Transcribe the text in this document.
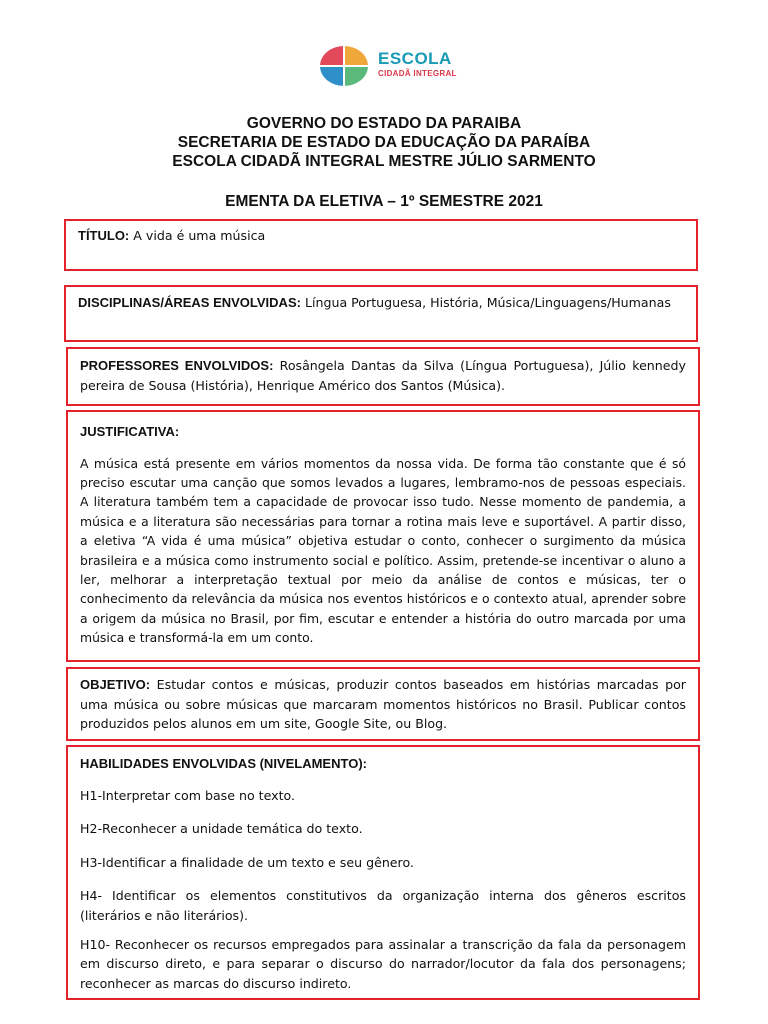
ESCOLA
CIDADÃ INTEGRAL
GOVERNO DO ESTADO DA PARAIBA
SECRETARIA DE ESTADO DA EDUCAÇÃO DA PARAÍBA
ESCOLA CIDADÃ INTEGRAL MESTRE JÚLIO SARMENTO
EMENTA DA ELETIVA – 1º SEMESTRE 2021
TÍTULO: A vida é uma música

DISCIPLINAS/ÁREAS ENVOLVIDAS: Língua Portuguesa, História, Música/Linguagens/Humanas

PROFESSORES ENVOLVIDOS: Rosângela Dantas da Silva (Língua Portuguesa), Júlio kennedy pereira de Sousa (História), Henrique Américo dos Santos (Música).

JUSTIFICATIVA:

A música está presente em vários momentos da nossa vida. De forma tão constante que é só preciso escutar uma canção que somos levados a lugares, lembramo-nos de pessoas especiais. A literatura também tem a capacidade de provocar isso tudo. Nesse momento de pandemia, a música e a literatura são necessárias para tornar a rotina mais leve e suportável. A partir disso, a eletiva “A vida é uma música” objetiva estudar o conto, conhecer o surgimento da música brasileira e a música como instrumento social e político. Assim, pretende-se incentivar o aluno a ler, melhorar a interpretação textual por meio da análise de contos e músicas, ter o conhecimento da relevância da música nos eventos históricos e o contexto atual, aprender sobre a origem da música no Brasil, por fim, escutar e entender a história do outro marcada por uma música e transformá-la em um conto.

OBJETIVO: Estudar contos e músicas, produzir contos baseados em histórias marcadas por uma música ou sobre músicas que marcaram momentos históricos no Brasil. Publicar contos produzidos pelos alunos em um site, Google Site, ou Blog.

HABILIDADES ENVOLVIDAS (NIVELAMENTO):

H1-Interpretar com base no texto.

H2-Reconhecer a unidade temática do texto.

H3-Identificar a finalidade de um texto e seu gênero.

H4- Identificar os elementos constitutivos da organização interna dos gêneros escritos (literários e não literários).

H10- Reconhecer os recursos empregados para assinalar a transcrição da fala da personagem em discurso direto, e para separar o discurso do narrador/locutor da fala dos personagens; reconhecer as marcas do discurso indireto.
